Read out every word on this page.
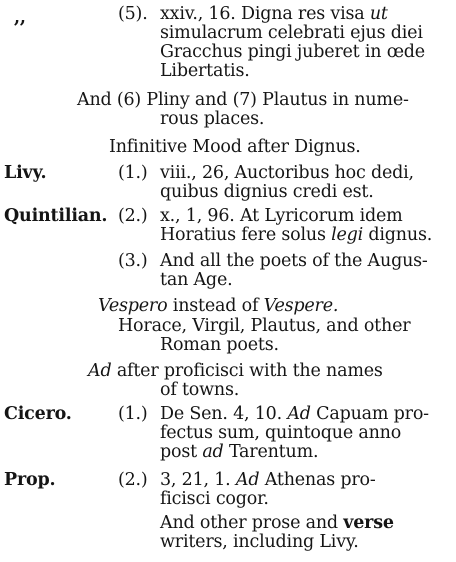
,,	(5). xxiv., 16. Digna res visa ut
simulacrum celebrati ejus diei
Gracchus pingi juberet in œde
Libertatis.
And (6) Pliny and (7) Plautus in nume-
rous places.
Infinitive Mood after Dignus.
Livy.	(1.) viii., 26, Auctoribus hoc dedi,
quibus dignius credi est.
Quintilian. (2.) x., 1, 96. At Lyricorum idem
Horatius fere solus legi dignus.
(3.) And all the poets of the Augus-
tan Age.
Vespero instead of Vespere.
Horace, Virgil, Plautus, and other
Roman poets.
Ad after proficisci with the names
of towns.
Cicero.	(1.) De Sen. 4, 10. Ad Capuam pro-
fectus sum, quintoque anno
post ad Tarentum.
Prop.	(2.) 3, 21, 1. Ad Athenas pro-
ficisci cogor.
And other prose and verse
writers, including Livy.
